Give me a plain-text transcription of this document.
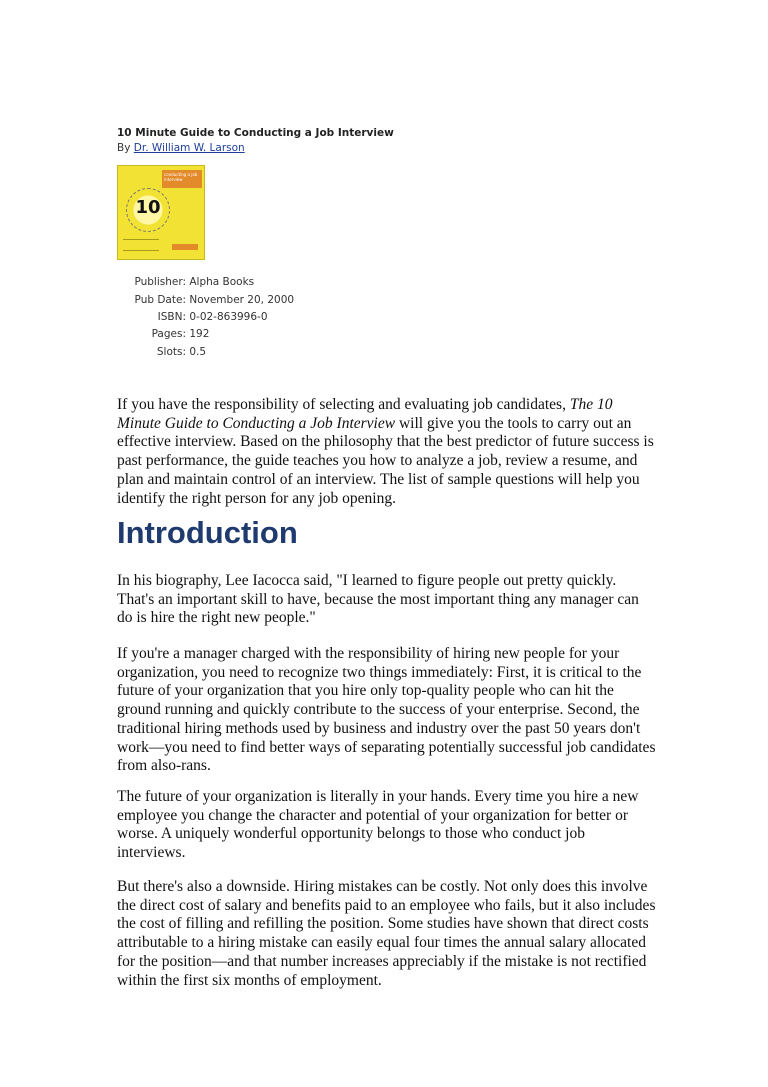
10 Minute Guide to Conducting a Job Interview
By Dr. William W. Larson
conducting a job interview
10
Publisher: Alpha Books
Pub Date: November 20, 2000
ISBN: 0-02-863996-0
Pages: 192
Slots: 0.5

If you have the responsibility of selecting and evaluating job candidates, The 10 Minute Guide to Conducting a Job Interview will give you the tools to carry out an effective interview. Based on the philosophy that the best predictor of future success is past performance, the guide teaches you how to analyze a job, review a resume, and plan and maintain control of an interview. The list of sample questions will help you identify the right person for any job opening.

Introduction

In his biography, Lee Iacocca said, "I learned to figure people out pretty quickly. That's an important skill to have, because the most important thing any manager can do is hire the right new people."

If you're a manager charged with the responsibility of hiring new people for your organization, you need to recognize two things immediately: First, it is critical to the future of your organization that you hire only top-quality people who can hit the ground running and quickly contribute to the success of your enterprise. Second, the traditional hiring methods used by business and industry over the past 50 years don't work—you need to find better ways of separating potentially successful job candidates from also-rans.

The future of your organization is literally in your hands. Every time you hire a new employee you change the character and potential of your organization for better or worse. A uniquely wonderful opportunity belongs to those who conduct job interviews.

But there's also a downside. Hiring mistakes can be costly. Not only does this involve the direct cost of salary and benefits paid to an employee who fails, but it also includes the cost of filling and refilling the position. Some studies have shown that direct costs attributable to a hiring mistake can easily equal four times the annual salary allocated for the position—and that number increases appreciably if the mistake is not rectified within the first six months of employment.
